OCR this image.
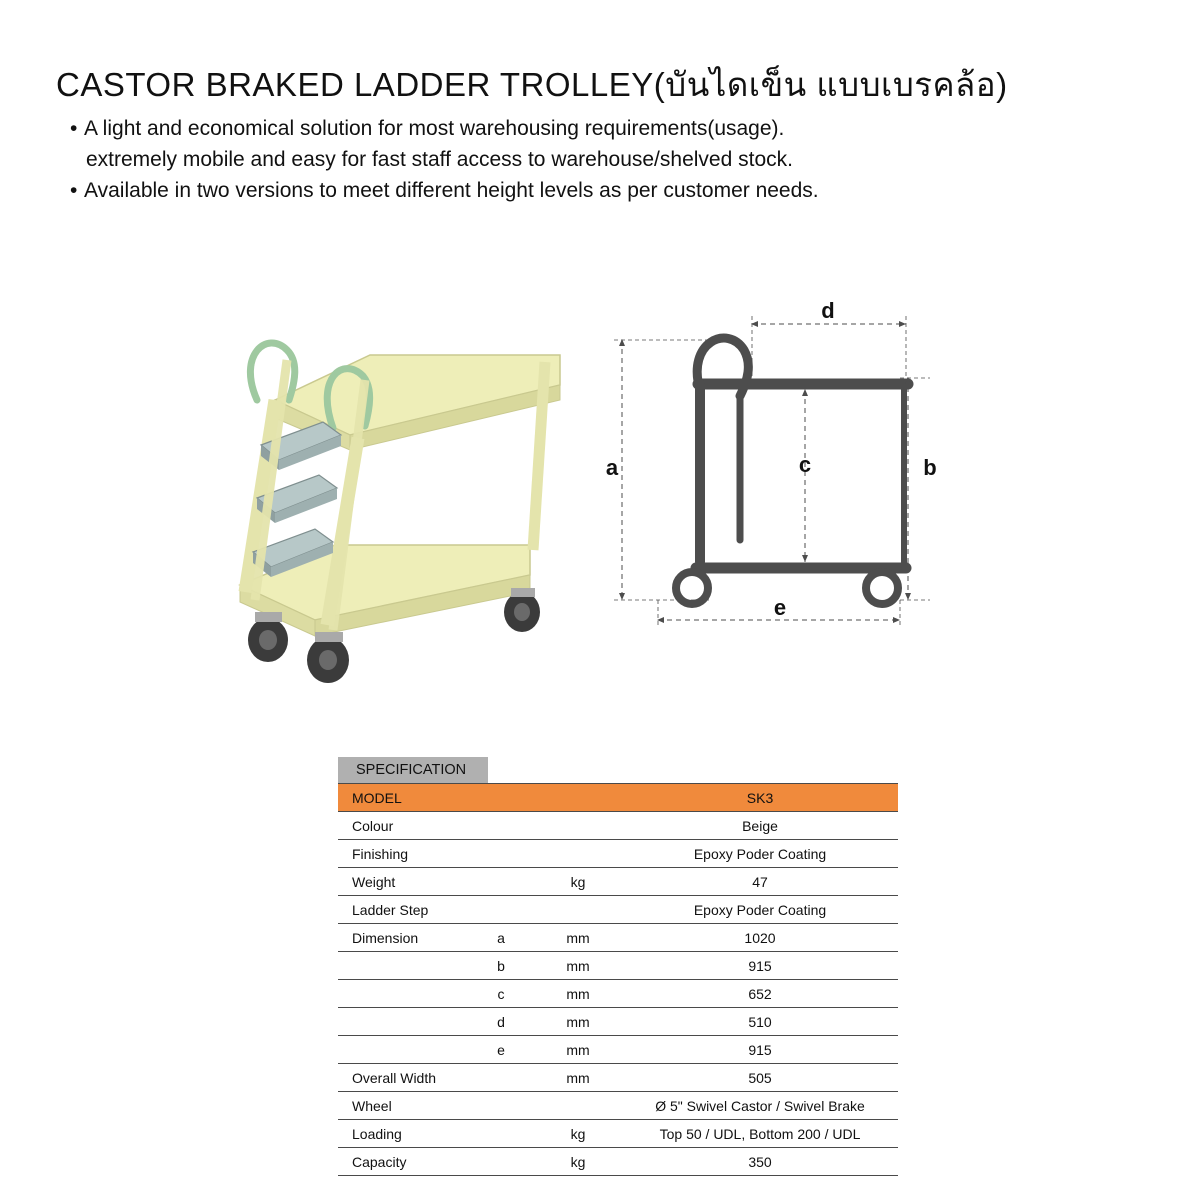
CASTOR BRAKED LADDER TROLLEY(บันไดเข็น แบบเบรคล้อ)
• A light and economical solution for most warehousing requirements(usage).
extremely mobile and easy for fast staff access to warehouse/shelved stock.
• Available in two versions to meet different height levels as per customer needs.
a	b
c
d
e
SPECIFICATION
MODEL			SK3
Colour			Beige
Finishing			Epoxy Poder Coating
Weight		kg	47
Ladder Step			Epoxy Poder Coating
Dimension	a	mm	1020
	b	mm	915
	c	mm	652
	d	mm	510
	e	mm	915
Overall Width		mm	505
Wheel			Ø 5" Swivel Castor / Swivel Brake
Loading		kg	Top 50 / UDL, Bottom 200 / UDL
Capacity		kg	350
